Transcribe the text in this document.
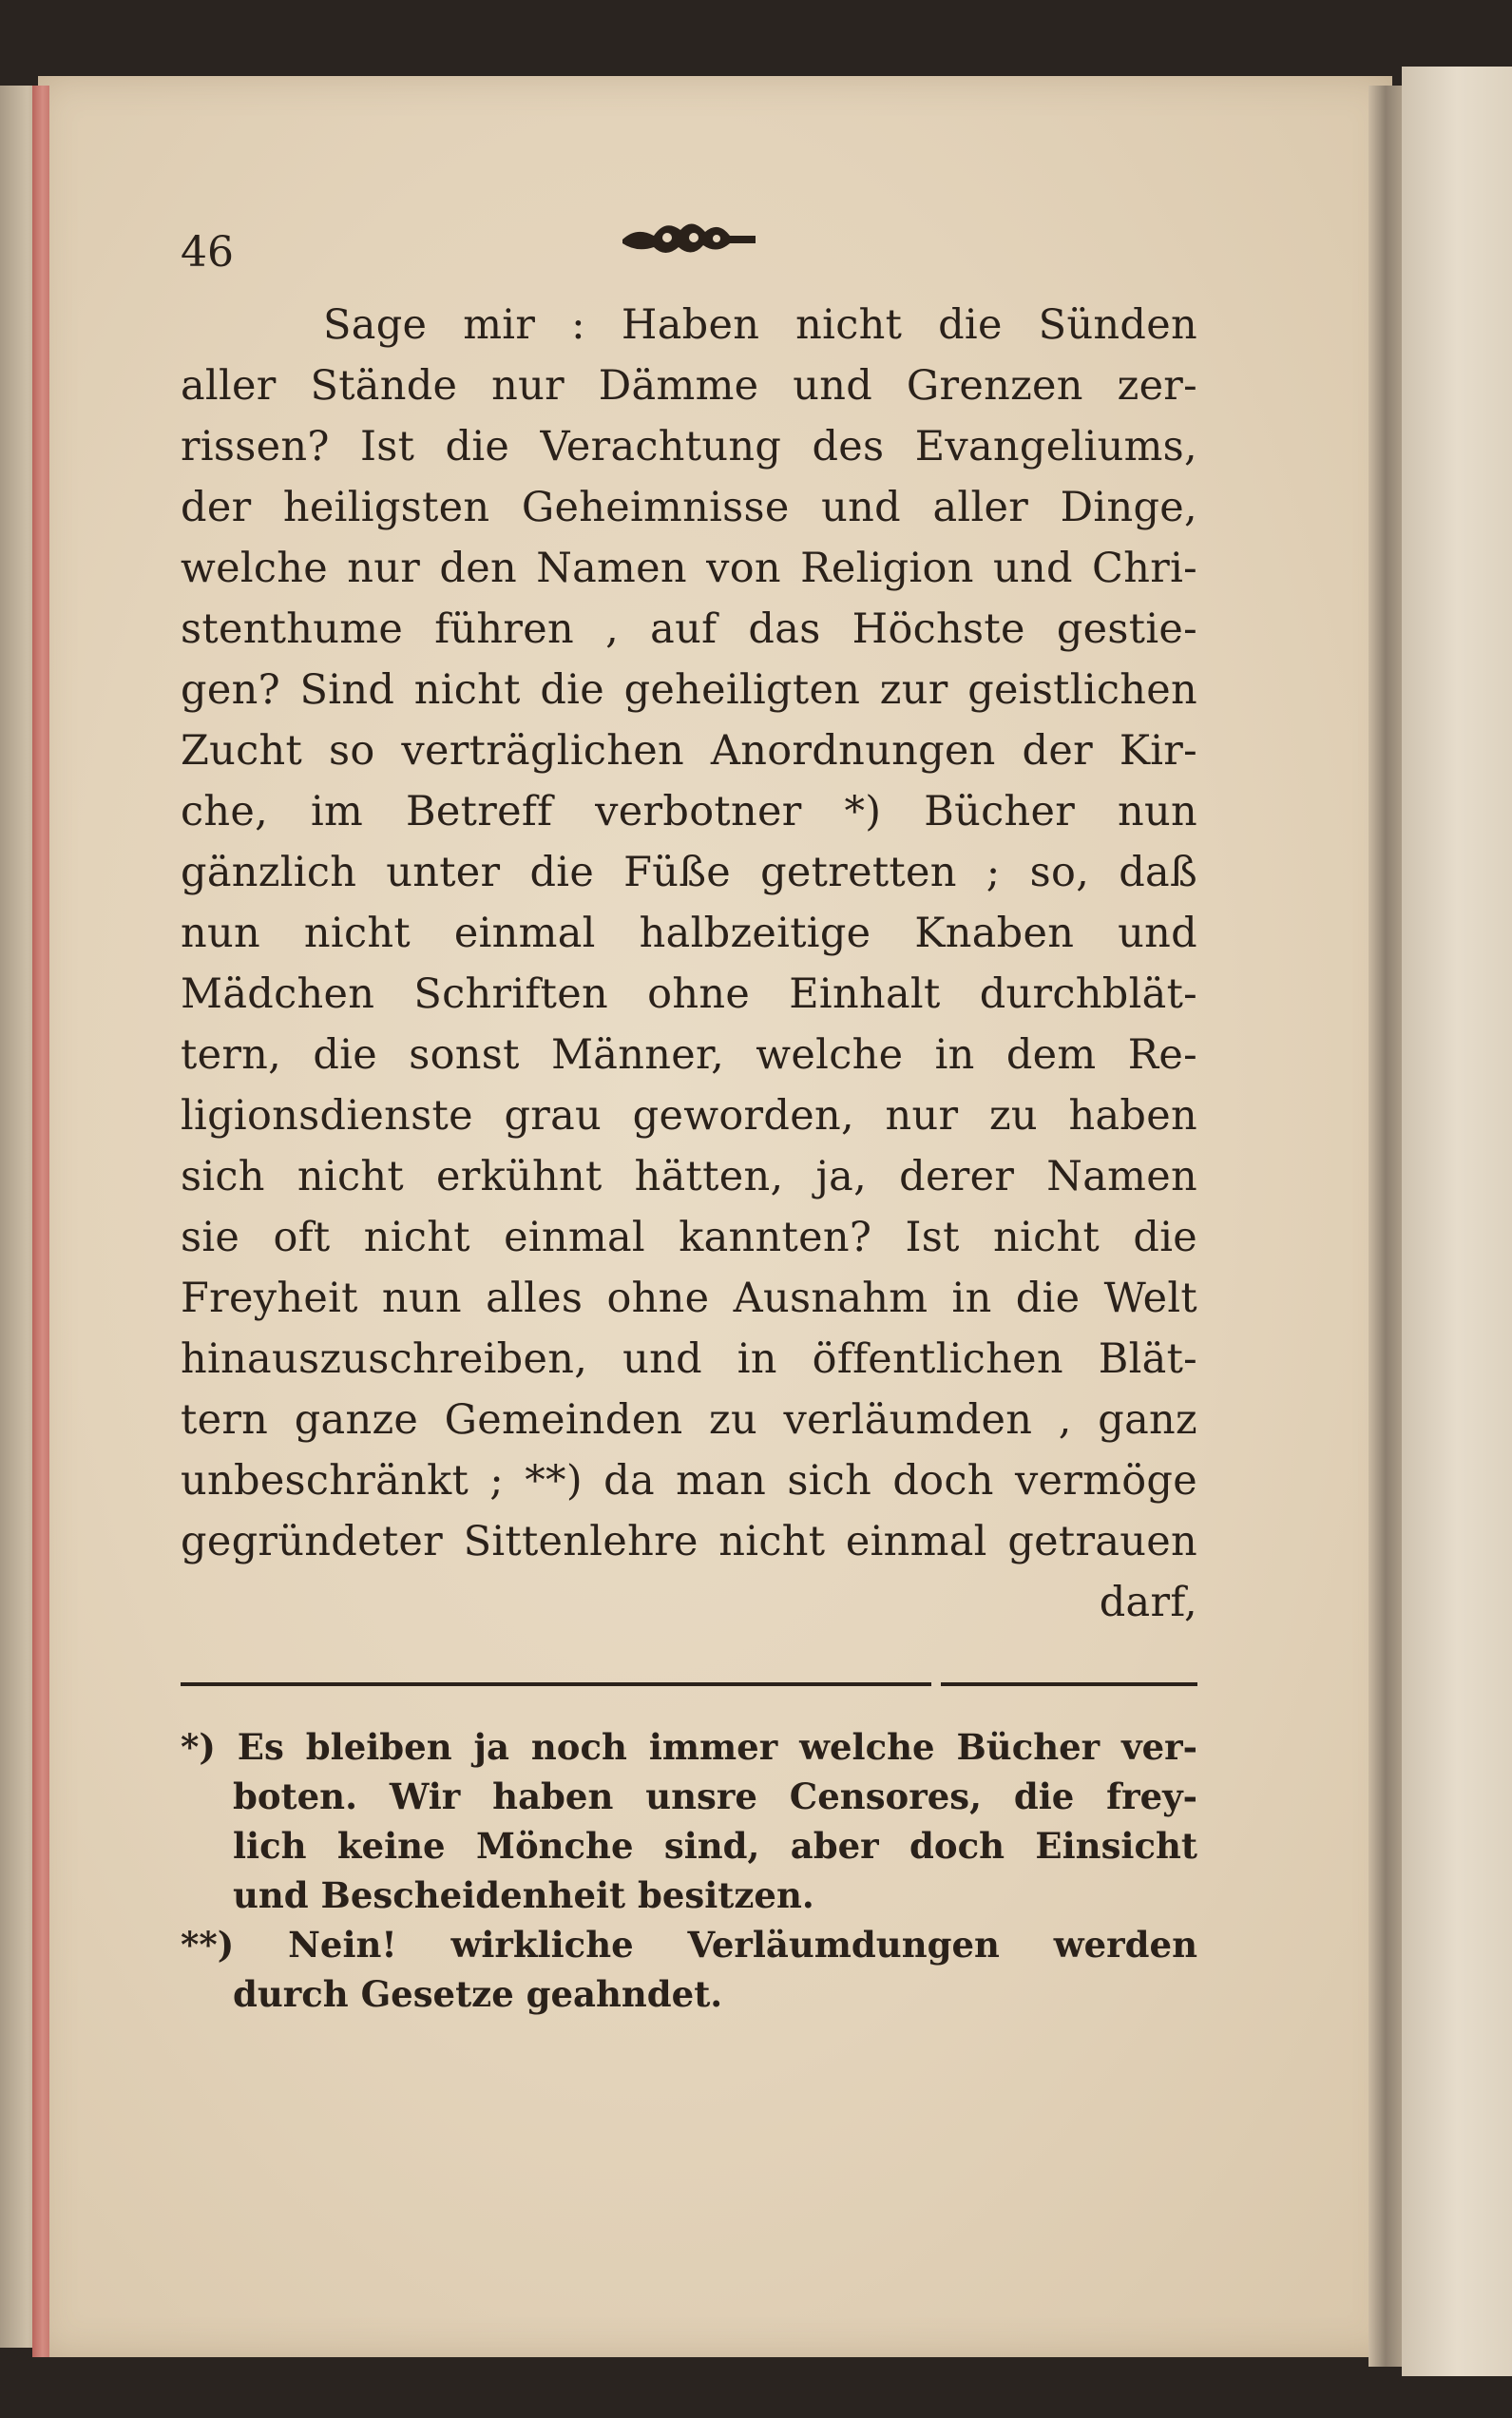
46
Sage mir : Haben nicht die Sünden
aller Stände nur Dämme und Grenzen zer-
rissen? Ist die Verachtung des Evangeliums,
der heiligsten Geheimnisse und aller Dinge,
welche nur den Namen von Religion und Chri-
stenthume führen , auf das Höchste gestie-
gen? Sind nicht die geheiligten zur geistlichen
Zucht so verträglichen Anordnungen der Kir-
che, im Betreff verbotner *) Bücher nun
gänzlich unter die Füße getretten ; so, daß
nun nicht einmal halbzeitige Knaben und
Mädchen Schriften ohne Einhalt durchblät-
tern, die sonst Männer, welche in dem Re-
ligionsdienste grau geworden, nur zu haben
sich nicht erkühnt hätten, ja, derer Namen
sie oft nicht einmal kannten? Ist nicht die
Freyheit nun alles ohne Ausnahm in die Welt
hinauszuschreiben, und in öffentlichen Blät-
tern ganze Gemeinden zu verläumden , ganz
unbeschränkt ; **) da man sich doch vermöge
gegründeter Sittenlehre nicht einmal getrauen
darf,
*) Es bleiben ja noch immer welche Bücher ver-
boten. Wir haben unsre Censores, die frey-
lich keine Mönche sind, aber doch Einsicht
und Bescheidenheit besitzen.
**) Nein! wirkliche Verläumdungen werden
durch Gesetze geahndet.
